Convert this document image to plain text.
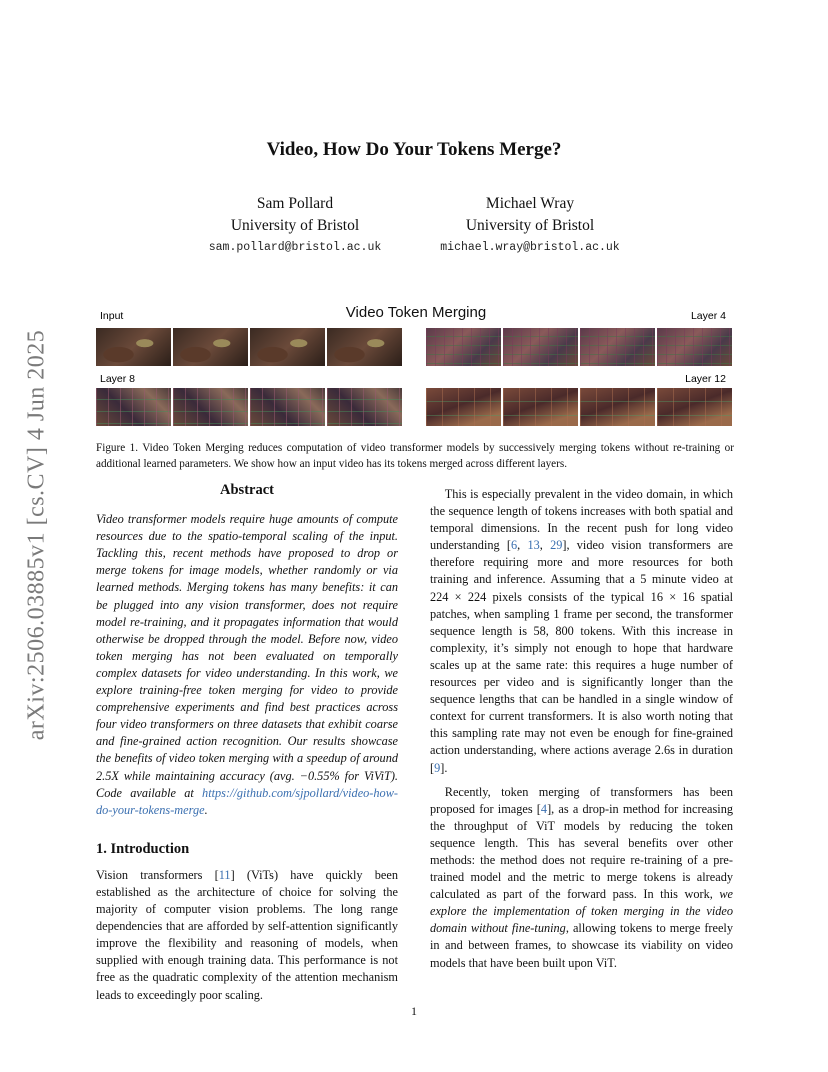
arXiv:2506.03885v1 [cs.CV] 4 Jun 2025
Video, How Do Your Tokens Merge?
Sam Pollard
University of Bristol
sam.pollard@bristol.ac.uk
Michael Wray
University of Bristol
michael.wray@bristol.ac.uk
Video Token Merging
Input	Layer 4
Layer 8	Layer 12
Figure 1. Video Token Merging reduces computation of video transformer models by successively merging tokens without re-training or additional learned parameters. We show how an input video has its tokens merged across different layers.
Abstract

Video transformer models require huge amounts of compute resources due to the spatio-temporal scaling of the input. Tackling this, recent methods have proposed to drop or merge tokens for image models, whether randomly or via learned methods. Merging tokens has many benefits: it can be plugged into any vision transformer, does not require model re-training, and it propagates information that would otherwise be dropped through the model. Before now, video token merging has not been evaluated on temporally complex datasets for video understanding. In this work, we explore training-free token merging for video to provide comprehensive experiments and find best practices across four video transformers on three datasets that exhibit coarse and fine-grained action recognition. Our results showcase the benefits of video token merging with a speedup of around 2.5X while maintaining accuracy (avg. −0.55% for ViViT). Code available at https://github.com/sjpollard/video-how-do-your-tokens-merge.

1. Introduction

Vision transformers [11] (ViTs) have quickly been established as the architecture of choice for solving the majority of computer vision problems. The long range dependencies that are afforded by self-attention significantly improve the flexibility and reasoning of models, when supplied with enough training data. This performance is not free as the quadratic complexity of the attention mechanism leads to exceedingly poor scaling.

This is especially prevalent in the video domain, in which the sequence length of tokens increases with both spatial and temporal dimensions. In the recent push for long video understanding [6, 13, 29], video vision transformers are therefore requiring more and more resources for both training and inference. Assuming that a 5 minute video at 224 × 224 pixels consists of the typical 16 × 16 spatial patches, when sampling 1 frame per second, the transformer sequence length is 58, 800 tokens. With this increase in complexity, it’s simply not enough to hope that hardware scales up at the same rate: this requires a huge number of resources per video and is significantly longer than the sequence lengths that can be handled in a single window of context for current transformers. It is also worth noting that this sampling rate may not even be enough for fine-grained action understanding, where actions average 2.6s in duration [9].

Recently, token merging of transformers has been proposed for images [4], as a drop-in method for increasing the throughput of ViT models by reducing the token sequence length. This has several benefits over other methods: the method does not require re-training of a pre-trained model and the metric to merge tokens is already calculated as part of the forward pass. In this work, we explore the implementation of token merging in the video domain without fine-tuning, allowing tokens to merge freely in and between frames, to showcase its viability on video models that have been built upon ViT.

1
